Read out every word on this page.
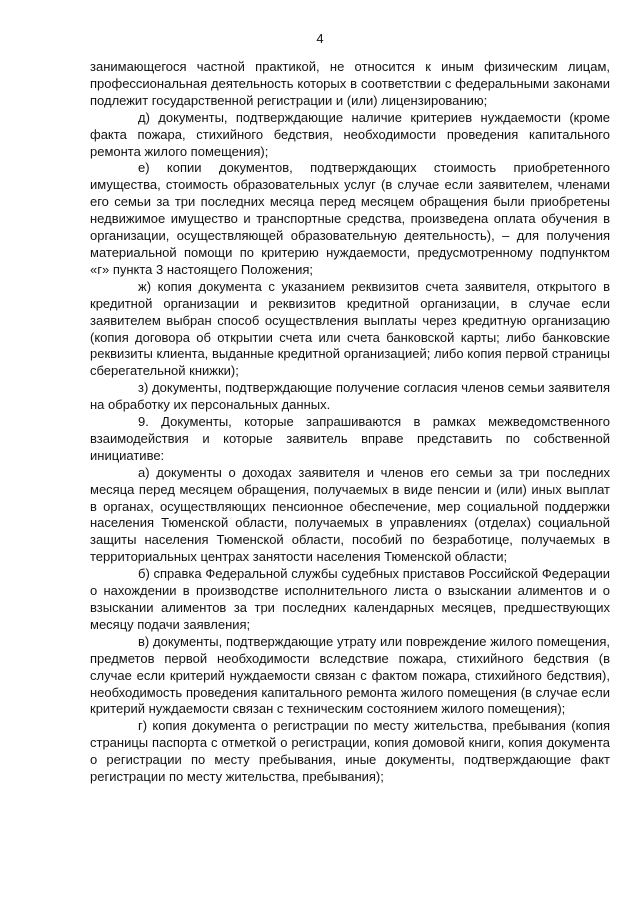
4

занимающегося частной практикой, не относится к иным физическим лицам, профессиональная деятельность которых в соответствии с федеральными законами подлежит государственной регистрации и (или) лицензированию;

д) документы, подтверждающие наличие критериев нуждаемости (кроме факта пожара, стихийного бедствия, необходимости проведения капитального ремонта жилого помещения);

е) копии документов, подтверждающих стоимость приобретенного имущества, стоимость образовательных услуг (в случае если заявителем, членами его семьи за три последних месяца перед месяцем обращения были приобретены недвижимое имущество и транспортные средства, произведена оплата обучения в организации, осуществляющей образовательную деятельность), – для получения материальной помощи по критерию нуждаемости, предусмотренному подпунктом «г» пункта 3 настоящего Положения;

ж) копия документа с указанием реквизитов счета заявителя, открытого в кредитной организации и реквизитов кредитной организации, в случае если заявителем выбран способ осуществления выплаты через кредитную организацию (копия договора об открытии счета или счета банковской карты; либо банковские реквизиты клиента, выданные кредитной организацией; либо копия первой страницы сберегательной книжки);

з) документы, подтверждающие получение согласия членов семьи заявителя на обработку их персональных данных.

9. Документы, которые запрашиваются в рамках межведомственного взаимодействия и которые заявитель вправе представить по собственной инициативе:

а) документы о доходах заявителя и членов его семьи за три последних месяца перед месяцем обращения, получаемых в виде пенсии и (или) иных выплат в органах, осуществляющих пенсионное обеспечение, мер социальной поддержки населения Тюменской области, получаемых в управлениях (отделах) социальной защиты населения Тюменской области, пособий по безработице, получаемых в территориальных центрах занятости населения Тюменской области;

б) справка Федеральной службы судебных приставов Российской Федерации о нахождении в производстве исполнительного листа о взыскании алиментов и о взыскании алиментов за три последних календарных месяцев, предшествующих месяцу подачи заявления;

в) документы, подтверждающие утрату или повреждение жилого помещения, предметов первой необходимости вследствие пожара, стихийного бедствия (в случае если критерий нуждаемости связан с фактом пожара, стихийного бедствия), необходимость проведения капитального ремонта жилого помещения (в случае если критерий нуждаемости связан с техническим состоянием жилого помещения);

г) копия документа о регистрации по месту жительства, пребывания (копия страницы паспорта с отметкой о регистрации, копия домовой книги, копия документа о регистрации по месту пребывания, иные документы, подтверждающие факт регистрации по месту жительства, пребывания);
